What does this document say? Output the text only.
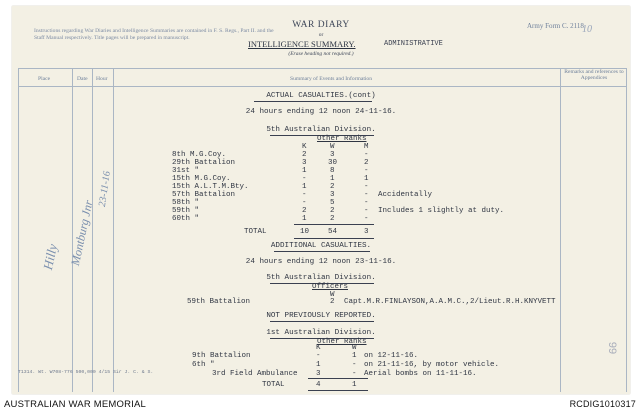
WAR DIARY
or
INTELLIGENCE SUMMARY.	ADMINISTRATIVE
(Erase heading not required.)
Army Form C. 2118.
Instructions regarding War Diaries and Intelligence Summaries are contained in F. S. Regs., Part II. and the Staff Manual respectively. Title pages will be prepared in manuscript.
Place	Date Hour	Summary of Events and Information
Remarks and references to Appendices
Hilly Montburg Jnr
23-11-16
10
ACTUAL CASUALTIES.(cont)
24 hours ending 12 noon 24-11-16.
5th Australian Division.
Other Ranks
K	W	M
8th M.G.Coy.	2	3	-
29th Battalion	3	30	2
31st "	1	8	-
15th M.G.Coy.	-	1	1
15th A.L.T.M.Bty.	1	2	-
57th Battalion	-	3	- Accidentally
58th "	-	5	-
59th "	2	2	- Includes 1 slightly at duty.
60th "	1	2	-
TOTAL	10	54	3
ADDITIONAL CASUALTIES.
24 hours ending 12 noon 23-11-16.
5th Australian Division.
Officers
W
59th Battalion	2 Capt.M.R.FINLAYSON,A.A.M.C.,2/Lieut.R.H.KNYVETT
NOT PREVIOUSLY REPORTED.
1st Australian Division.
Other Ranks
K	W
9th Battalion	-	1 on 12-11-16.
6th "	1	- on 21-11-16, by motor vehicle.
T1314. Wt. W708-776 500,000 4/15 Sir J. C. & S.	3rd Field Ambulance 3	- Aerial bombs on 11-11-16.
TOTAL	4	1
99
AUSTRALIAN WAR MEMORIAL	RCDIG1010317
